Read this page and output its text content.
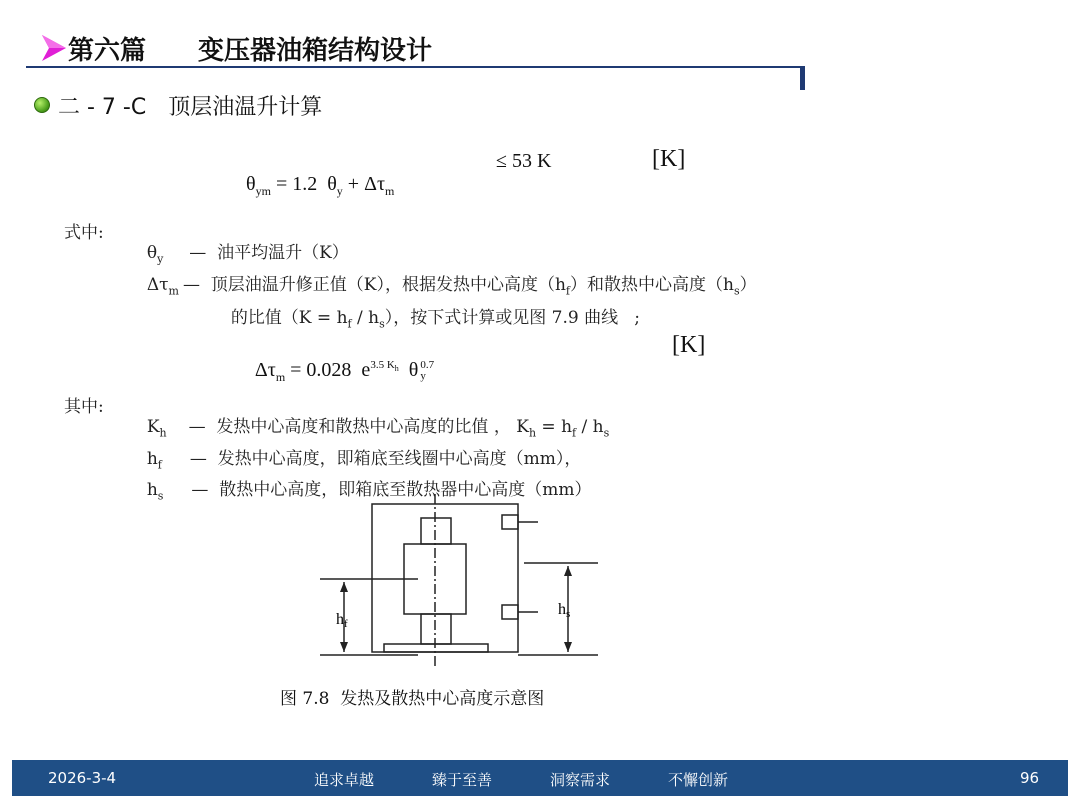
第六篇　　变压器油箱结构设计
二 - 7 -C　顶层油温升计算

$\theta_{ym} = 1.2$  $\theta_y + \Delta\tau_m$

≤ 53 K	[K]
式中:

$\theta_y$ —  油平均温升（K）

$\Delta\tau_m$ —  顶层油温升修正值（K），根据发热中心高度$(h_f)$和散热中心高度$(h_s)$

的比值$(K = h_f / h_s)$，按下式计算或见图 7.9 曲线   ;

$\Delta\tau_m = 0.028$  $e^{3.5 K_h}$  θ 0.7
y

[K]
其中:

$K_h$ —  发热中心高度和散热中心高度的比值 ， $K_h = h_f / h_s$

$h_f$ —  发热中心高度，即箱底至线圈中心高度（mm），

$h_s$ —  散热中心高度，即箱底至散热器中心高度（mm）

hf
hs
图 7.8  发热及散热中心高度示意图
2026-3-4	追求卓越	臻于至善	洞察需求	不懈创新	96
